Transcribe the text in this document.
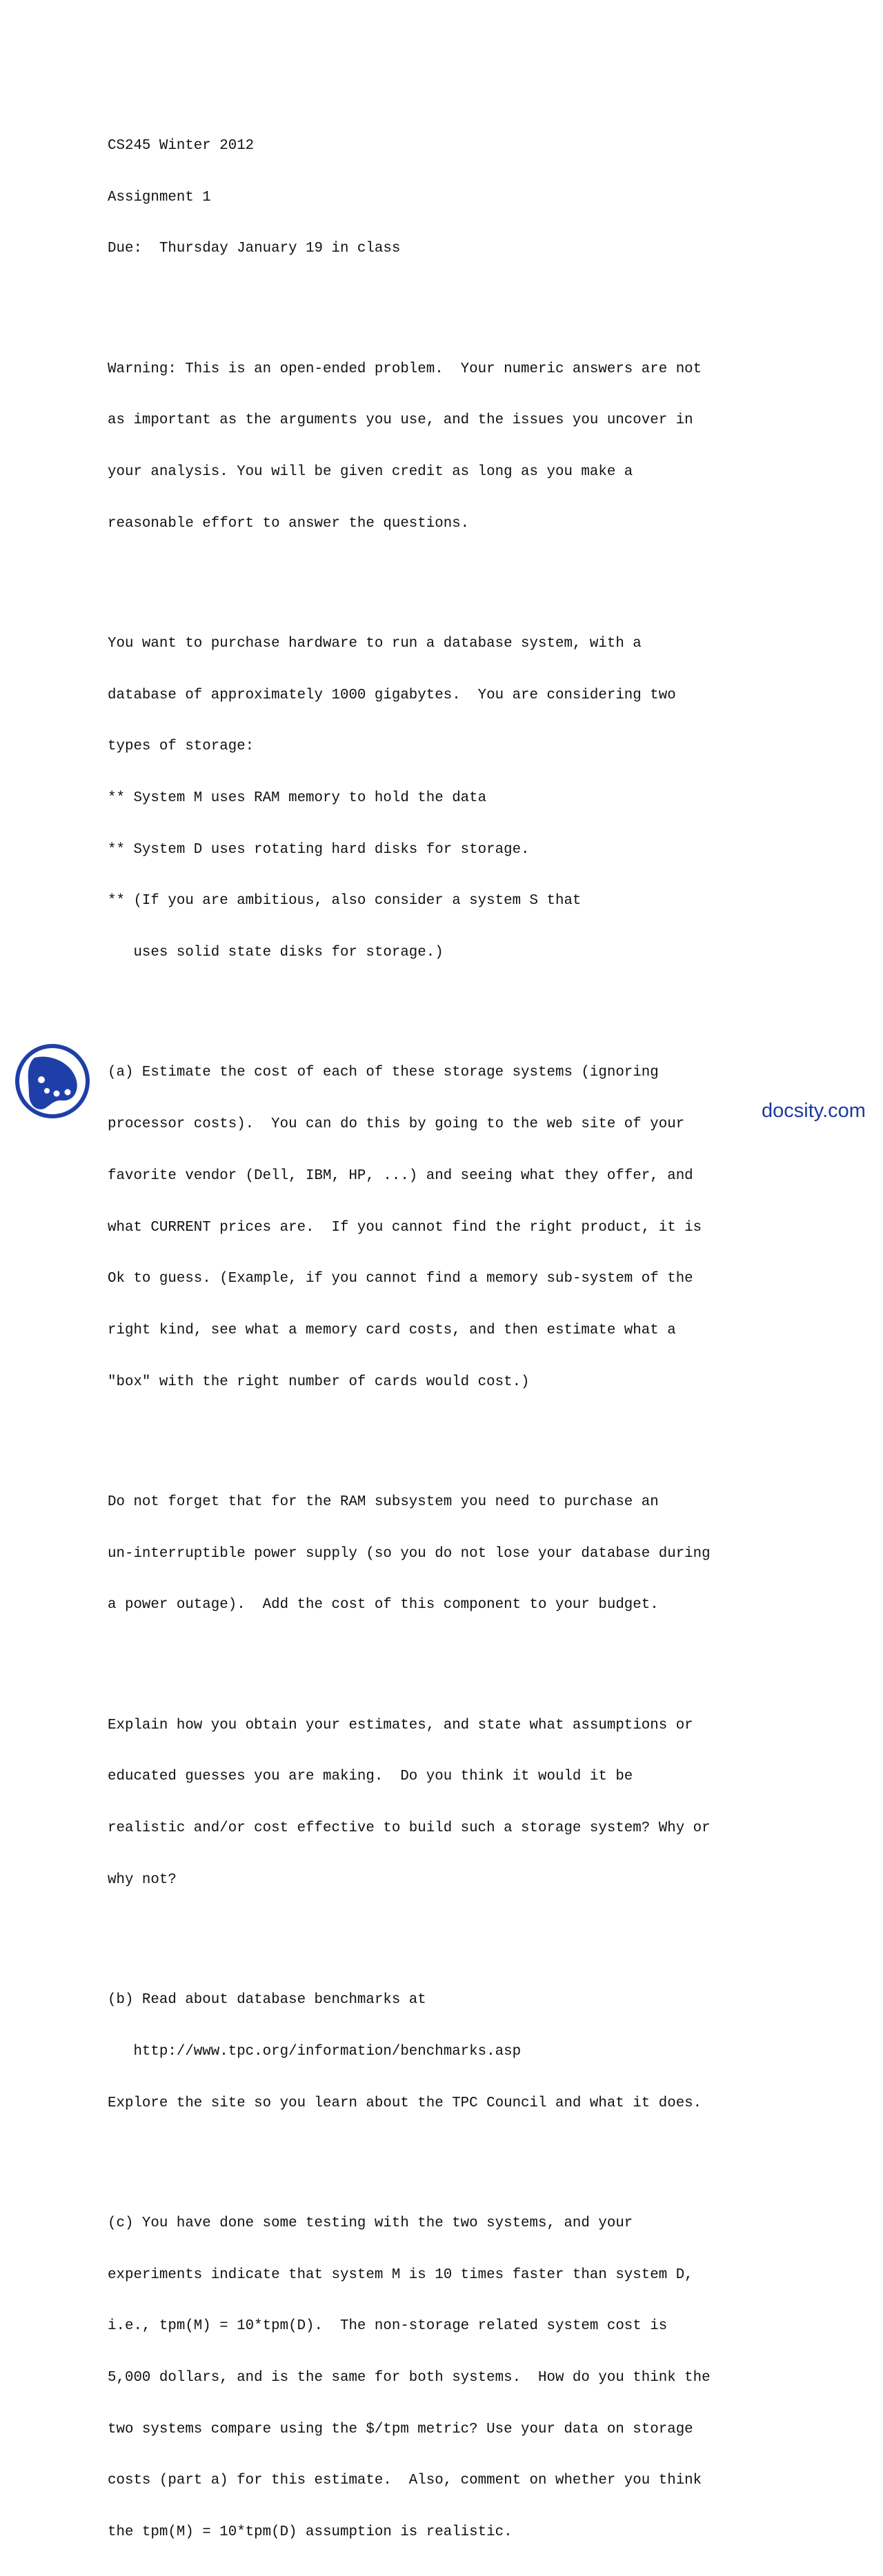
CS245 Winter 2012

Assignment 1

Due:  Thursday January 19 in class

Warning: This is an open-ended problem.  Your numeric answers are not

as important as the arguments you use, and the issues you uncover in

your analysis. You will be given credit as long as you make a

reasonable effort to answer the questions.

You want to purchase hardware to run a database system, with a

database of approximately 1000 gigabytes.  You are considering two

types of storage:

** System M uses RAM memory to hold the data

** System D uses rotating hard disks for storage.

** (If you are ambitious, also consider a system S that

uses solid state disks for storage.)

(a) Estimate the cost of each of these storage systems (ignoring

processor costs).  You can do this by going to the web site of your

favorite vendor (Dell, IBM, HP, ...) and seeing what they offer, and

what CURRENT prices are.  If you cannot find the right product, it is

Ok to guess. (Example, if you cannot find a memory sub-system of the

right kind, see what a memory card costs, and then estimate what a

"box" with the right number of cards would cost.)

Do not forget that for the RAM subsystem you need to purchase an

un-interruptible power supply (so you do not lose your database during

a power outage).  Add the cost of this component to your budget.

Explain how you obtain your estimates, and state what assumptions or

educated guesses you are making.  Do you think it would it be

realistic and/or cost effective to build such a storage system? Why or

why not?

(b) Read about database benchmarks at

http://www.tpc.org/information/benchmarks.asp

Explore the site so you learn about the TPC Council and what it does.

(c) You have done some testing with the two systems, and your

experiments indicate that system M is 10 times faster than system D,

i.e., tpm(M) = 10*tpm(D).  The non-storage related system cost is

5,000 dollars, and is the same for both systems.  How do you think the

two systems compare using the $/tpm metric? Use your data on storage

costs (part a) for this estimate.  Also, comment on whether you think

the tpm(M) = 10*tpm(D) assumption is realistic.

docsity.com
